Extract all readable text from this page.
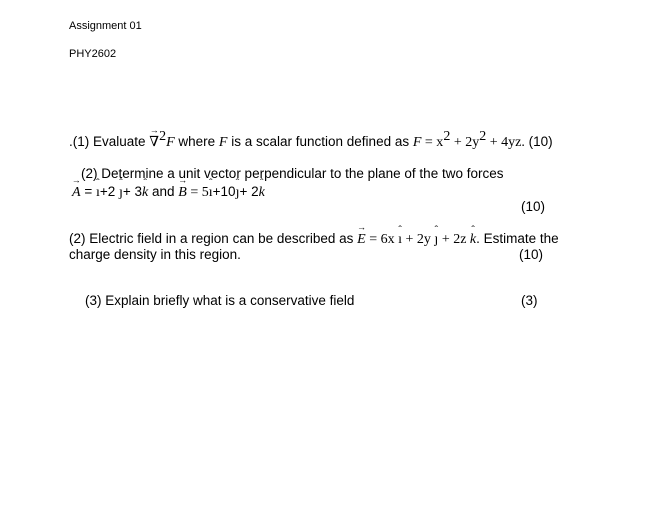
Assignment 01
PHY2602
.(1) Evaluate → ∇$^2$F where F is a scalar function defined as $F = x^2 + 2y^2 + 4yz$. (10)
(2) Determine a unit vector perpendicular to the plane of the two forces
→ A = ˆ ı+2 ˆ ȷ+ 3ˆ k and → B = 5ˆ ı+10ˆ ȷ+ 2ˆ k
(10)
(2) Electric field in a region can be described as → E = 6x ˆ ı + 2y ˆ ȷ + 2z ˆ k. Estimate the
charge density in this region.	(10)
(3) Explain briefly what is a conservative field	(3)
